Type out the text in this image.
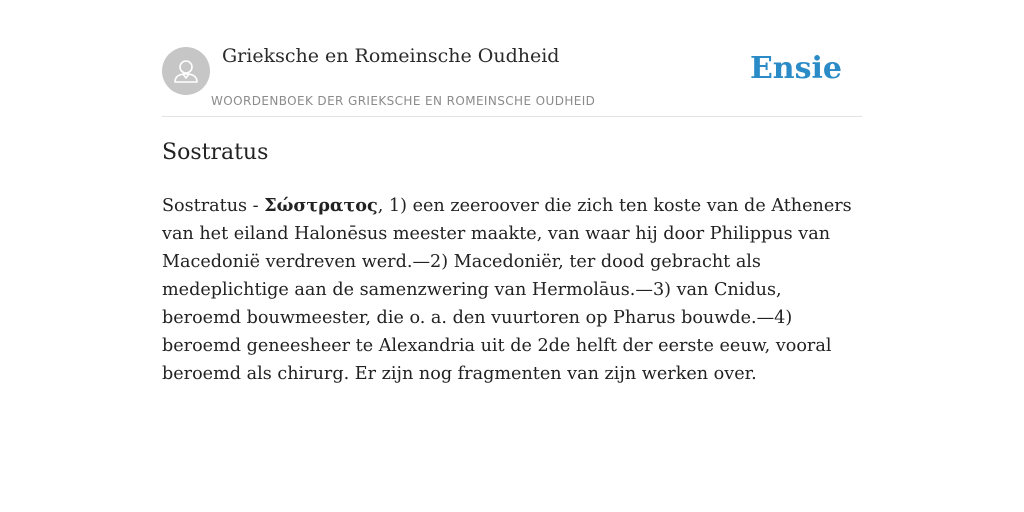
Grieksche en Romeinsche Oudheid
WOORDENBOEK DER GRIEKSCHE EN ROMEINSCHE OUDHEID
Ensie
Sostratus

Sostratus - Σώστρατος, 1) een zeeroover die zich ten koste van de Atheners van het eiland Halonēsus meester maakte, van waar hij door Philippus van Macedonië verdreven werd.—2) Macedoniër, ter dood gebracht als medeplichtige aan de samenzwering van Hermolāus.—3) van Cnidus, beroemd bouwmeester, die o. a. den vuurtoren op Pharus bouwde.—4) beroemd geneesheer te Alexandria uit de 2de helft der eerste eeuw, vooral beroemd als chirurg. Er zijn nog fragmenten van zijn werken over.
